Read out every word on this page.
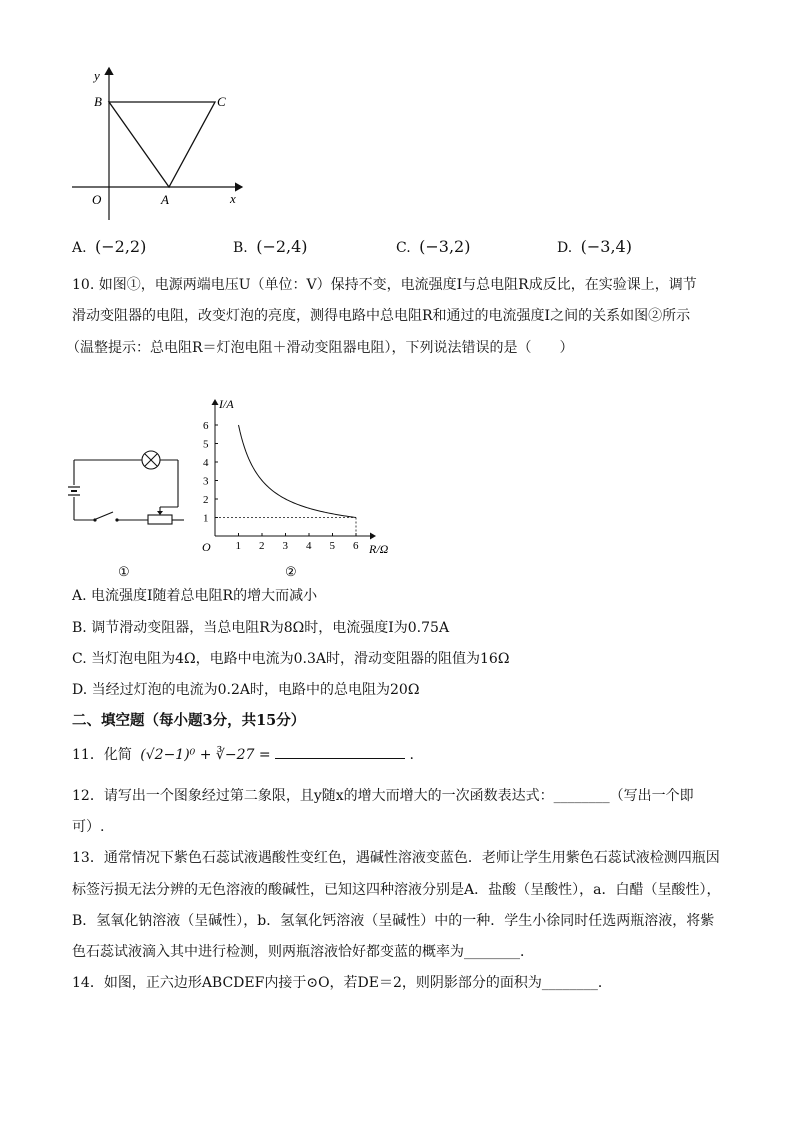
y
x
B	C
O	A
A. (−2,2)	B. (−2,4)	C. (−3,2)	D. (−3,4)
10. 如图①，电源两端电压U（单位：V）保持不变，电流强度I与总电阻R成反比，在实验课上，调节
滑动变阻器的电阻，改变灯泡的亮度，测得电路中总电阻R和通过的电流强度I之间的关系如图②所示
（温整提示：总电阻R＝灯泡电阻＋滑动变阻器电阻），下列说法错误的是（　　）
①
1 2 3 4 5 6
1
2
3
4
5
6
I/A
R/Ω
O
②
A. 电流强度I随着总电阻R的增大而减小
B. 调节滑动变阻器，当总电阻R为8Ω时，电流强度I为0.75A
C. 当灯泡电阻为4Ω，电路中电流为0.3A时，滑动变阻器的阻值为16Ω
D. 当经过灯泡的电流为0.2A时，电路中的总电阻为20Ω
二、填空题（每小题3分，共15分）
11．化简 (√2−1)⁰ + ∛−27 =	.
12．请写出一个图象经过第二象限，且y随x的增大而增大的一次函数表达式：________（写出一个即
可）.
13．通常情况下紫色石蕊试液遇酸性变红色，遇碱性溶液变蓝色．老师让学生用紫色石蕊试液检测四瓶因
标签污损无法分辨的无色溶液的酸碱性，已知这四种溶液分别是A．盐酸（呈酸性），a．白醋（呈酸性），
B．氢氧化钠溶液（呈碱性），b．氢氧化钙溶液（呈碱性）中的一种．学生小徐同时任选两瓶溶液，将紫
色石蕊试液滴入其中进行检测，则两瓶溶液恰好都变蓝的概率为________．
14．如图，正六边形ABCDEF内接于⊙O，若DE＝2，则阴影部分的面积为________．
